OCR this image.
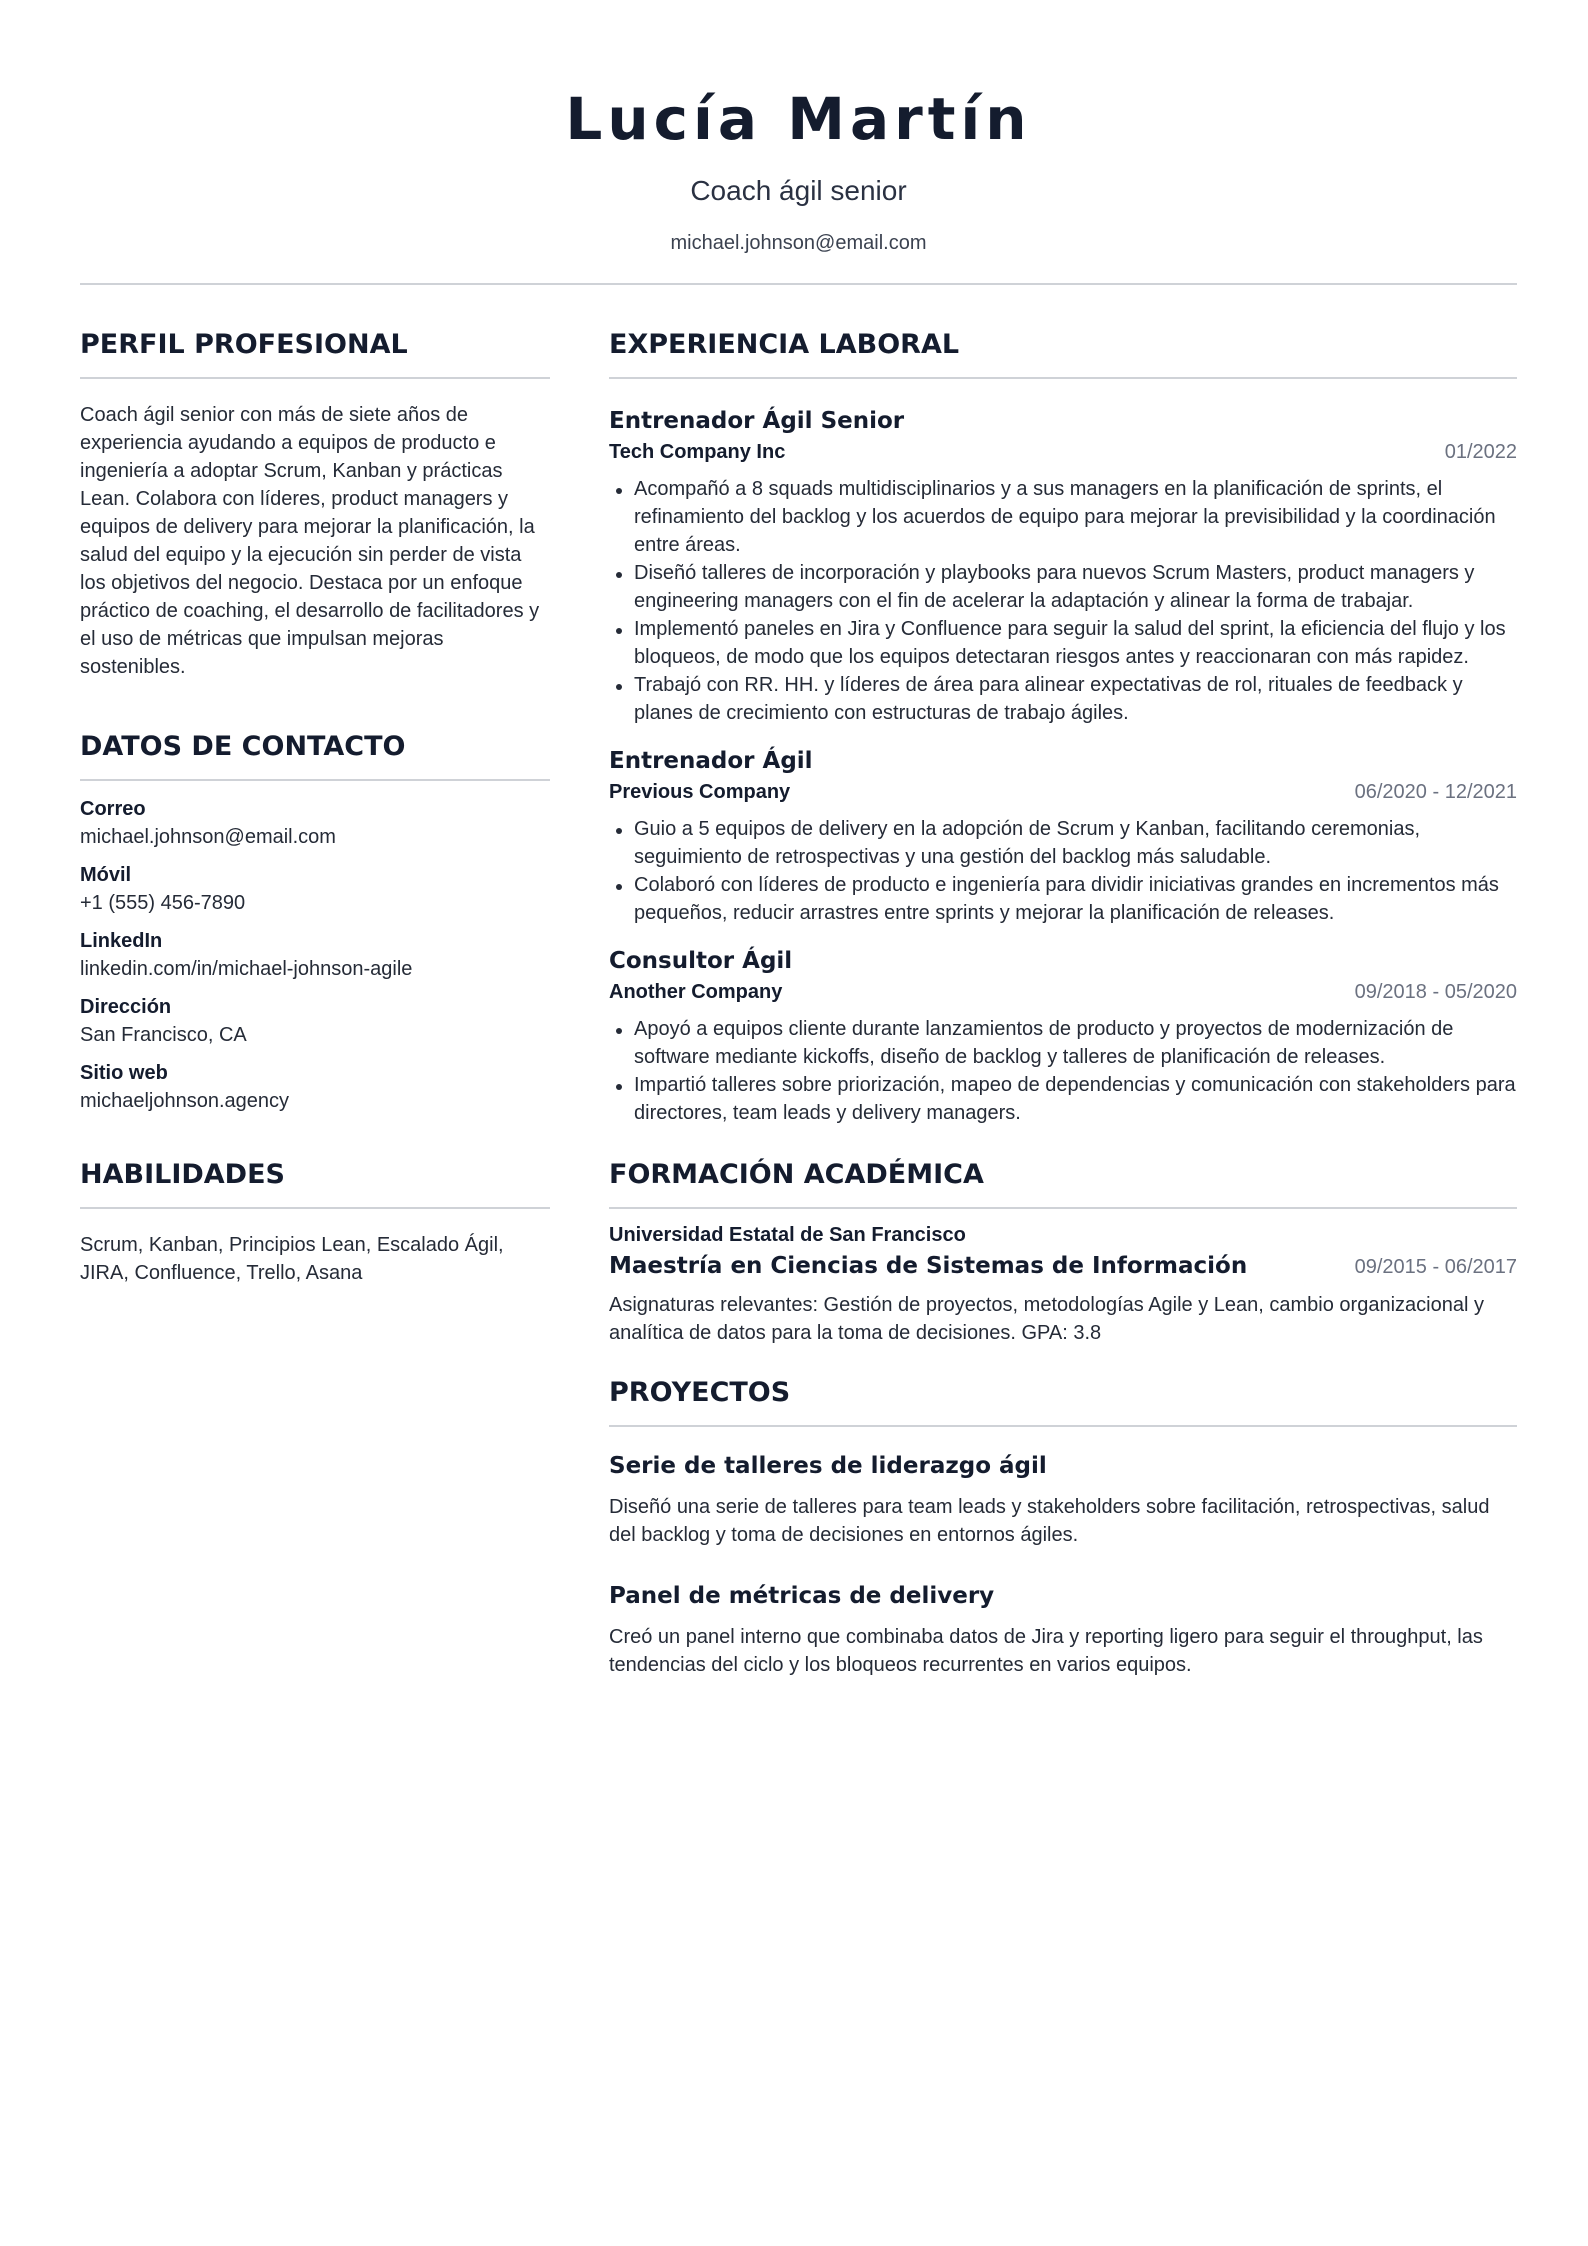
Lucía Martín
Coach ágil senior
michael.johnson@email.com
PERFIL PROFESIONAL

Coach ágil senior con más de siete años de experiencia ayudando a equipos de producto e ingeniería a adoptar Scrum, Kanban y prácticas Lean. Colabora con líderes, product managers y equipos de delivery para mejorar la planificación, la salud del equipo y la ejecución sin perder de vista los objetivos del negocio. Destaca por un enfoque práctico de coaching, el desarrollo de facilitadores y el uso de métricas que impulsan mejoras sostenibles.

DATOS DE CONTACTO
Correo
michael.johnson@email.com
Móvil
+1 (555) 456-7890
LinkedIn
linkedin.com/in/michael-johnson-agile
Dirección
San Francisco, CA
Sitio web
michaeljohnson.agency
HABILIDADES

Scrum, Kanban, Principios Lean, Escalado Ágil, JIRA, Confluence, Trello, Asana

EXPERIENCIA LABORAL
Entrenador Ágil Senior
Tech Company Inc	01/2022
Acompañó a 8 squads multidisciplinarios y a sus managers en la planificación de sprints, el refinamiento del backlog y los acuerdos de equipo para mejorar la previsibilidad y la coordinación entre áreas.
Diseñó talleres de incorporación y playbooks para nuevos Scrum Masters, product managers y engineering managers con el fin de acelerar la adaptación y alinear la forma de trabajar.
Implementó paneles en Jira y Confluence para seguir la salud del sprint, la eficiencia del flujo y los bloqueos, de modo que los equipos detectaran riesgos antes y reaccionaran con más rapidez.
Trabajó con RR. HH. y líderes de área para alinear expectativas de rol, rituales de feedback y planes de crecimiento con estructuras de trabajo ágiles.
Entrenador Ágil
Previous Company	06/2020 - 12/2021
Guio a 5 equipos de delivery en la adopción de Scrum y Kanban, facilitando ceremonias, seguimiento de retrospectivas y una gestión del backlog más saludable.
Colaboró con líderes de producto e ingeniería para dividir iniciativas grandes en incrementos más pequeños, reducir arrastres entre sprints y mejorar la planificación de releases.
Consultor Ágil
Another Company	09/2018 - 05/2020
Apoyó a equipos cliente durante lanzamientos de producto y proyectos de modernización de software mediante kickoffs, diseño de backlog y talleres de planificación de releases.
Impartió talleres sobre priorización, mapeo de dependencias y comunicación con stakeholders para directores, team leads y delivery managers.
FORMACIÓN ACADÉMICA
Universidad Estatal de San Francisco
Maestría en Ciencias de Sistemas de Información	09/2015 - 06/2017

Asignaturas relevantes: Gestión de proyectos, metodologías Agile y Lean, cambio organizacional y analítica de datos para la toma de decisiones. GPA: 3.8

PROYECTOS
Serie de talleres de liderazgo ágil

Diseñó una serie de talleres para team leads y stakeholders sobre facilitación, retrospectivas, salud del backlog y toma de decisiones en entornos ágiles.

Panel de métricas de delivery

Creó un panel interno que combinaba datos de Jira y reporting ligero para seguir el throughput, las tendencias del ciclo y los bloqueos recurrentes en varios equipos.
